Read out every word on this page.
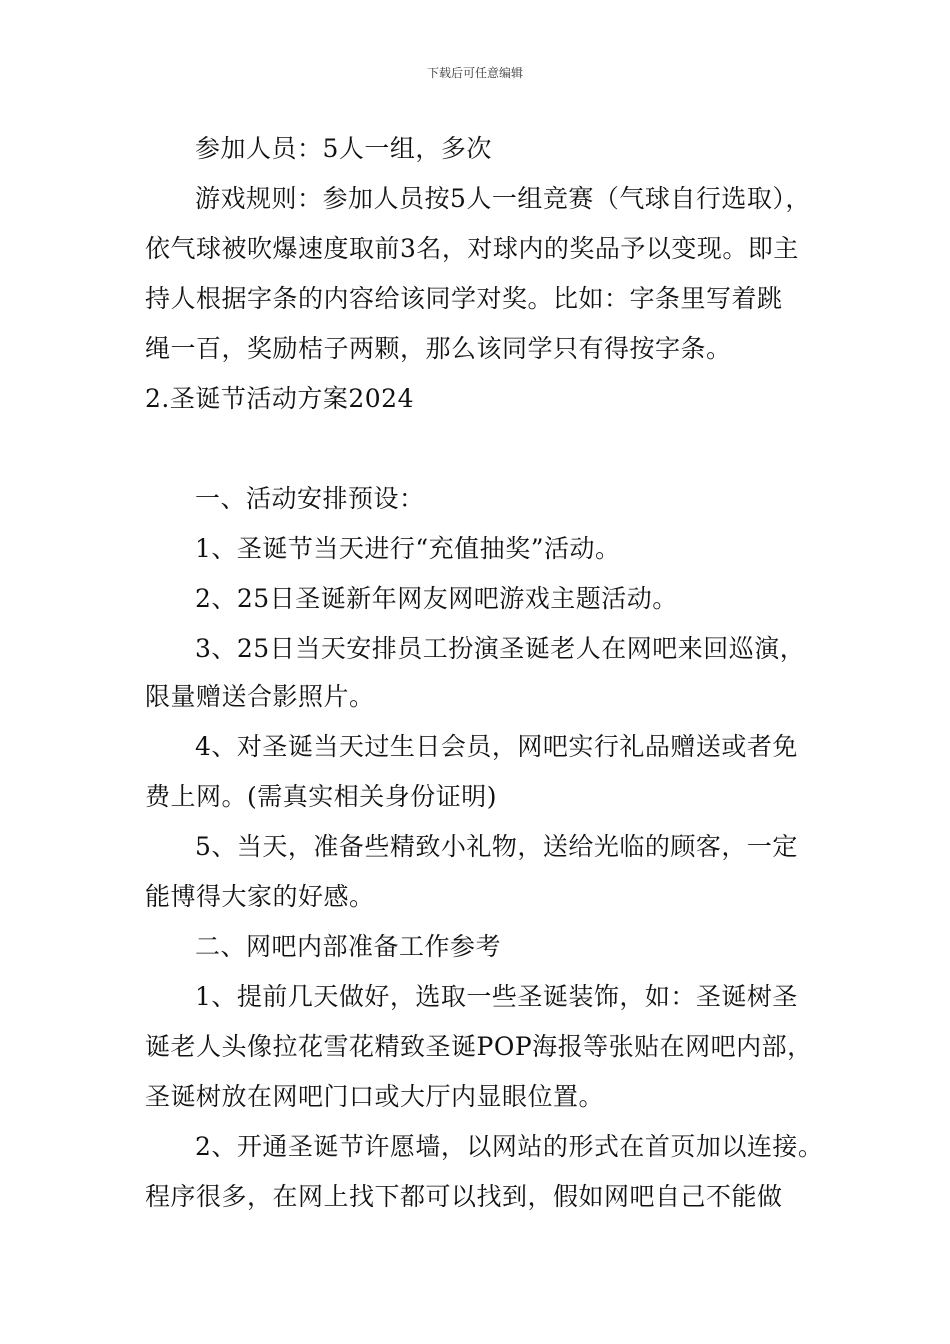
下载后可任意编辑
参加人员：5人一组，多次
游戏规则：参加人员按5人一组竞赛（气球自行选取），
依气球被吹爆速度取前3名，对球内的奖品予以变现。即主
持人根据字条的内容给该同学对奖。比如：字条里写着跳
绳一百，奖励桔子两颗，那么该同学只有得按字条。
2.圣诞节活动方案2024
一、活动安排预设：
1、圣诞节当天进行“充值抽奖”活动。
2、25日圣诞新年网友网吧游戏主题活动。
3、25日当天安排员工扮演圣诞老人在网吧来回巡演，
限量赠送合影照片。
4、对圣诞当天过生日会员，网吧实行礼品赠送或者免
费上网。(需真实相关身份证明)
5、当天，准备些精致小礼物，送给光临的顾客，一定
能博得大家的好感。
二、网吧内部准备工作参考
1、提前几天做好，选取一些圣诞装饰，如：圣诞树圣
诞老人头像拉花雪花精致圣诞POP海报等张贴在网吧内部，
圣诞树放在网吧门口或大厅内显眼位置。
2、开通圣诞节许愿墙，以网站的形式在首页加以连接。
程序很多，在网上找下都可以找到，假如网吧自己不能做
